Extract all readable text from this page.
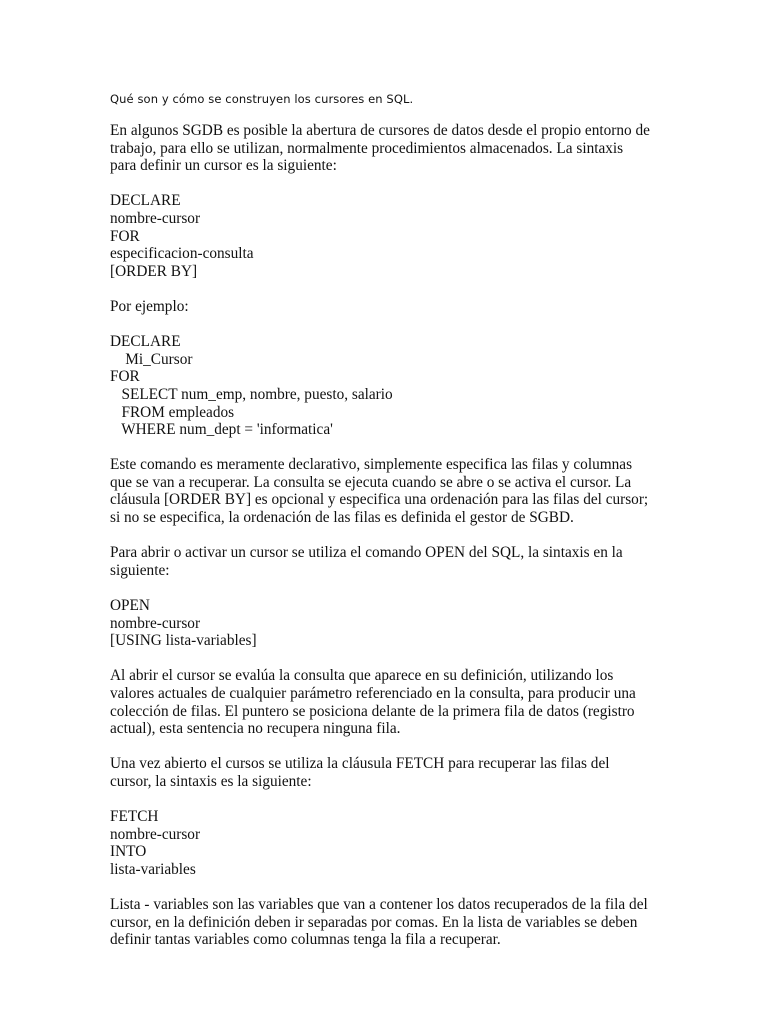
Qué son y cómo se construyen los cursores en SQL.

En algunos SGDB es posible la abertura de cursores de datos desde el propio entorno de
trabajo, para ello se utilizan, normalmente procedimientos almacenados. La sintaxis
para definir un cursor es la siguiente:
DECLARE
nombre-cursor
FOR
especificacion-consulta
[ORDER BY]
Por ejemplo:
DECLARE
Mi_Cursor
FOR
SELECT num_emp, nombre, puesto, salario
FROM empleados
WHERE num_dept = 'informatica'
Este comando es meramente declarativo, simplemente especifica las filas y columnas
que se van a recuperar. La consulta se ejecuta cuando se abre o se activa el cursor. La
cláusula [ORDER BY] es opcional y especifica una ordenación para las filas del cursor;
si no se especifica, la ordenación de las filas es definida el gestor de SGBD.
Para abrir o activar un cursor se utiliza el comando OPEN del SQL, la sintaxis en la
siguiente:
OPEN
nombre-cursor
[USING lista-variables]
Al abrir el cursor se evalúa la consulta que aparece en su definición, utilizando los
valores actuales de cualquier parámetro referenciado en la consulta, para producir una
colección de filas. El puntero se posiciona delante de la primera fila de datos (registro
actual), esta sentencia no recupera ninguna fila.
Una vez abierto el cursos se utiliza la cláusula FETCH para recuperar las filas del
cursor, la sintaxis es la siguiente:
FETCH
nombre-cursor
INTO
lista-variables
Lista - variables son las variables que van a contener los datos recuperados de la fila del
cursor, en la definición deben ir separadas por comas. En la lista de variables se deben
definir tantas variables como columnas tenga la fila a recuperar.
